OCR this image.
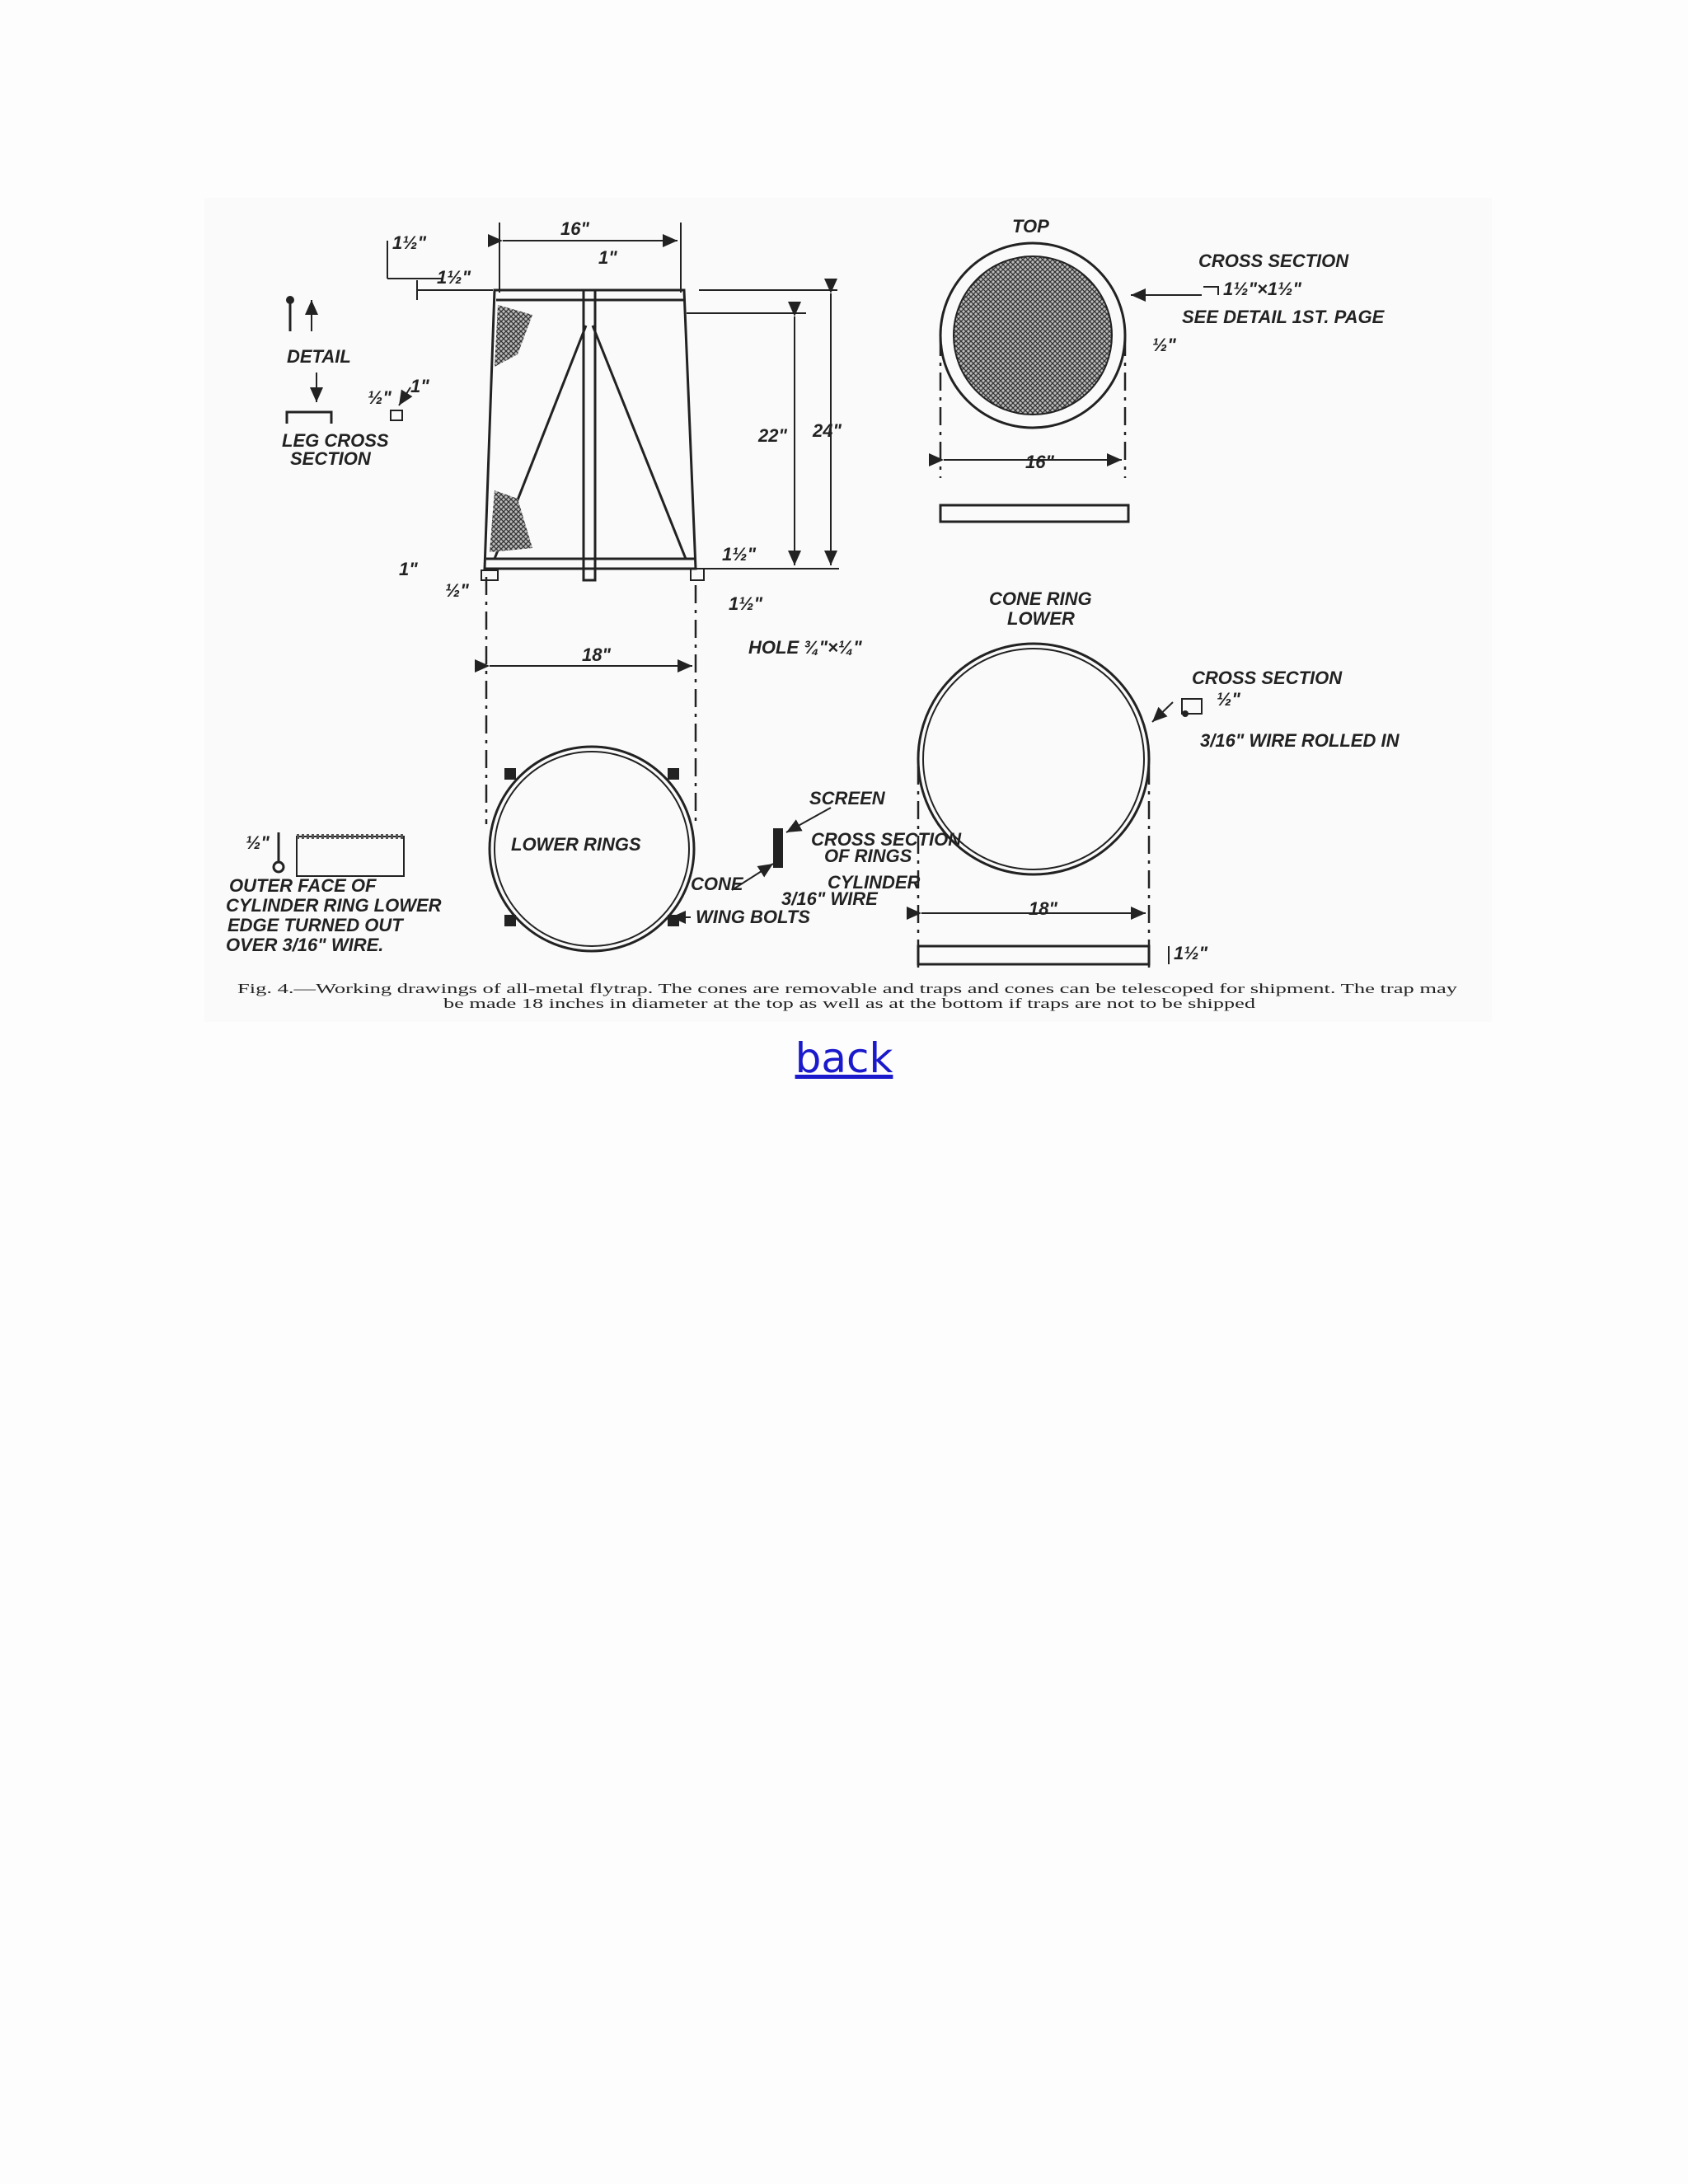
16"
1"
1½"
1½"
DETAIL
½"
1"
LEG CROSS
SECTION
22" 24"
1½"
1"
½"
1½"
HOLE ¾"×¼"
18"
LOWER RINGS
SCREEN
CROSS SECTION
OF RINGS
CONE	CYLINDER
3/16" WIRE
WING BOLTS
½"
OUTER FACE OF
CYLINDER RING LOWER
EDGE TURNED OUT
OVER 3/16" WIRE.
TOP
CROSS SECTION
1½"×1½"
SEE DETAIL 1ST. PAGE
½"
16"
CONE RING
LOWER
CROSS SECTION
½"
3/16" WIRE ROLLED IN
18"
1½"
Fig. 4.—Working drawings of all-metal flytrap. The cones are removable and traps and cones can be telescoped for shipment. The trap may
be made 18 inches in diameter at the top as well as at the bottom if traps are not to be shipped
back
